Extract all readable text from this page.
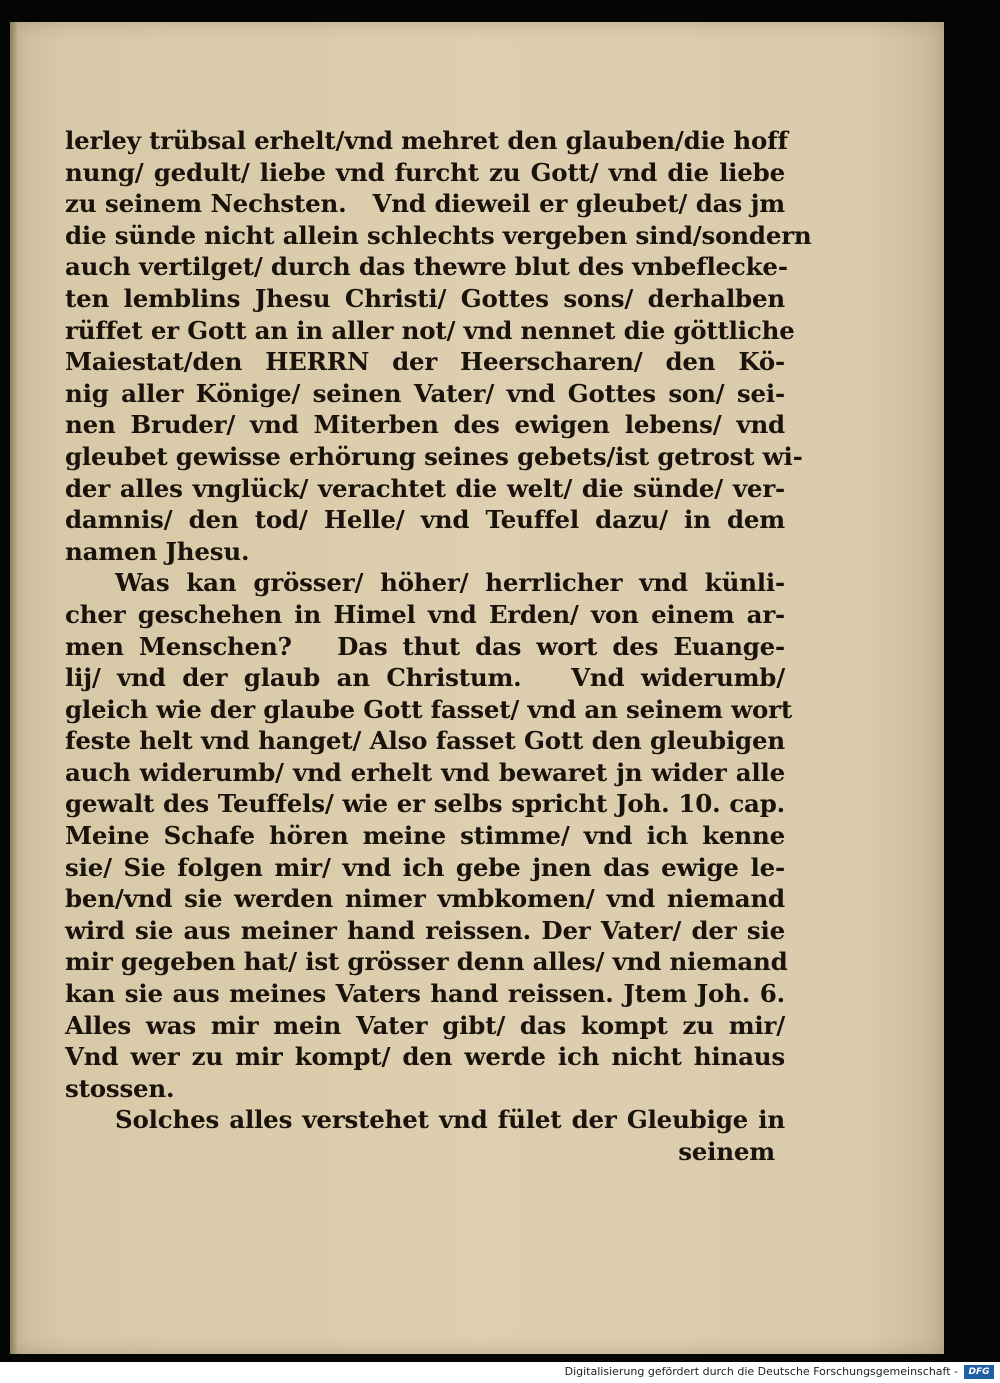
lerley trübsal erhelt/vnd mehret den glauben/die hoff
nung/ gedult/ liebe vnd furcht zu Gott/ vnd die liebe
zu seinem Nechsten.   Vnd dieweil er gleubet/ das jm
die sünde nicht allein schlechts vergeben sind/sondern
auch vertilget/ durch das thewre blut des vnbeflecke-
ten lemblins Jhesu Christi/ Gottes sons/ derhalben
rüffet er Gott an in aller not/ vnd nennet die göttliche
Maiestat/den HERRN der Heerscharen/ den Kö-
nig aller Könige/ seinen Vater/ vnd Gottes son/ sei-
nen Bruder/ vnd Miterben des ewigen lebens/ vnd
gleubet gewisse erhörung seines gebets/ist getrost wi-
der alles vnglück/ verachtet die welt/ die sünde/ ver-
damnis/ den tod/ Helle/ vnd Teuffel dazu/ in dem
namen Jhesu.
Was kan grösser/ höher/ herrlicher vnd künli-
cher geschehen in Himel vnd Erden/ von einem ar-
men Menschen?   Das thut das wort des Euange-
lij/ vnd der glaub an Christum.   Vnd widerumb/
gleich wie der glaube Gott fasset/ vnd an seinem wort
feste helt vnd hanget/ Also fasset Gott den gleubigen
auch widerumb/ vnd erhelt vnd bewaret jn wider alle
gewalt des Teuffels/ wie er selbs spricht Joh. 10. cap.
Meine Schafe hören meine stimme/ vnd ich kenne
sie/ Sie folgen mir/ vnd ich gebe jnen das ewige le-
ben/vnd sie werden nimer vmbkomen/ vnd niemand
wird sie aus meiner hand reissen. Der Vater/ der sie
mir gegeben hat/ ist grösser denn alles/ vnd niemand
kan sie aus meines Vaters hand reissen. Jtem Joh. 6.
Alles was mir mein Vater gibt/ das kompt zu mir/
Vnd wer zu mir kompt/ den werde ich nicht hinaus
stossen.
Solches alles verstehet vnd fület der Gleubige in
seinem
Digitalisierung gefördert durch die Deutsche Forschungsgemeinschaft -	DFG
